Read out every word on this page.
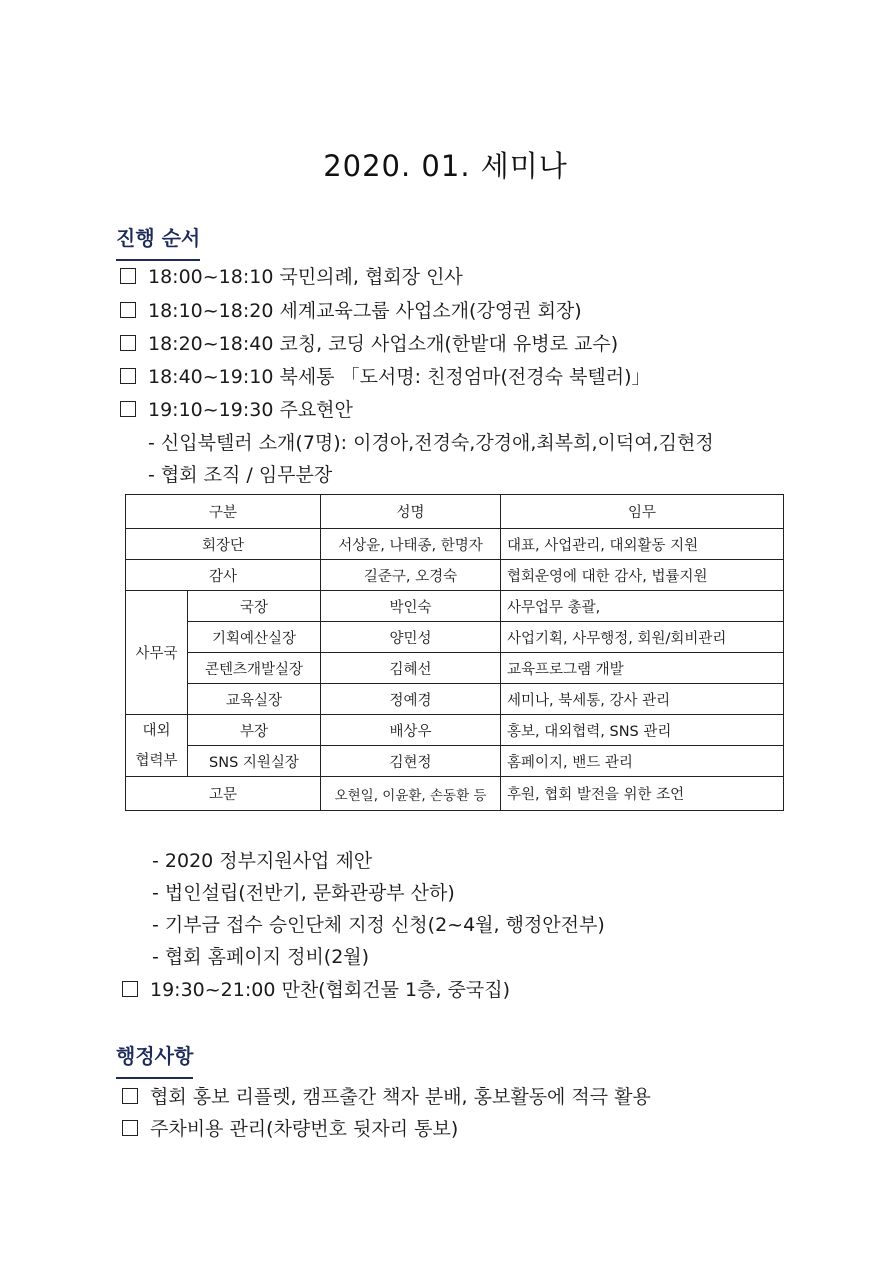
2020. 01. 세미나
진행 순서
18:00~18:10 국민의례, 협회장 인사
18:10~18:20 세계교육그룹 사업소개(강영권 회장)
18:20~18:40 코칭, 코딩 사업소개(한밭대 유병로 교수)
18:40~19:10 북세통 「도서명: 친정엄마(전경숙 북텔러)」
19:10~19:30 주요현안
- 신입북텔러 소개(7명): 이경아,전경숙,강경애,최복희,이덕여,김현정
- 협회 조직 / 임무분장
구분		성명	임무
회장단		서상윤, 나태종, 한명자	대표, 사업관리, 대외활동 지원
감사		길준구, 오경숙	협회운영에 대한 감사, 법률지원
사무국	국장	박인숙	사무업무 총괄,
	기획예산실장	양민성	사업기획, 사무행정, 회원/회비관리
	콘텐츠개발실장	김혜선	교육프로그램 개발
	교육실장	정예경	세미나, 북세통, 강사 관리
대외
협력부	부장	배상우	홍보, 대외협력, SNS 관리
	SNS 지원실장	김현정	홈페이지, 밴드 관리
고문		오현일, 이윤환, 손동환 등	후원, 협회 발전을 위한 조언
- 2020 정부지원사업 제안
- 법인설립(전반기, 문화관광부 산하)
- 기부금 접수 승인단체 지정 신청(2~4월, 행정안전부)
- 협회 홈페이지 정비(2월)
19:30~21:00 만찬(협회건물 1층, 중국집)
행정사항
협회 홍보 리플렛, 캠프출간 책자 분배, 홍보활동에 적극 활용
주차비용 관리(차량번호 뒷자리 통보)
